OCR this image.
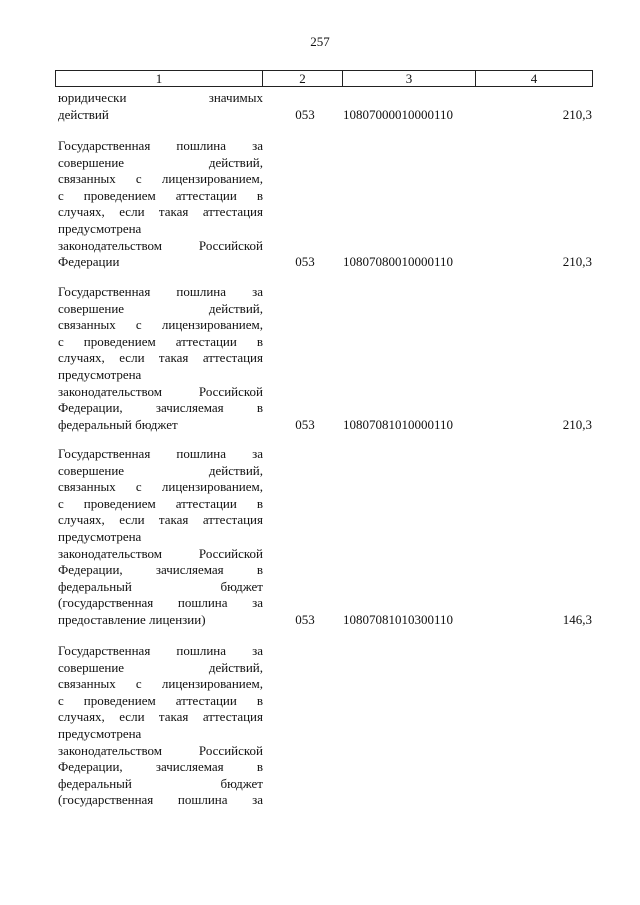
257
1	2	3	4
юридически значимых
действий	053 10807000010000110	210,3
Государственная пошлина за
совершение действий,
связанных с лицензированием,
с проведением аттестации в
случаях, если такая аттестация
предусмотрена
законодательством Российской
Федерации	053 10807080010000110	210,3
Государственная пошлина за
совершение действий,
связанных с лицензированием,
с проведением аттестации в
случаях, если такая аттестация
предусмотрена
законодательством Российской
Федерации, зачисляемая в
федеральный бюджет	053 10807081010000110	210,3
Государственная пошлина за
совершение действий,
связанных с лицензированием,
с проведением аттестации в
случаях, если такая аттестация
предусмотрена
законодательством Российской
Федерации, зачисляемая в
федеральный бюджет
(государственная пошлина за
предоставление лицензии)	053 10807081010300110	146,3
Государственная пошлина за
совершение действий,
связанных с лицензированием,
с проведением аттестации в
случаях, если такая аттестация
предусмотрена
законодательством Российской
Федерации, зачисляемая в
федеральный бюджет
(государственная пошлина за
